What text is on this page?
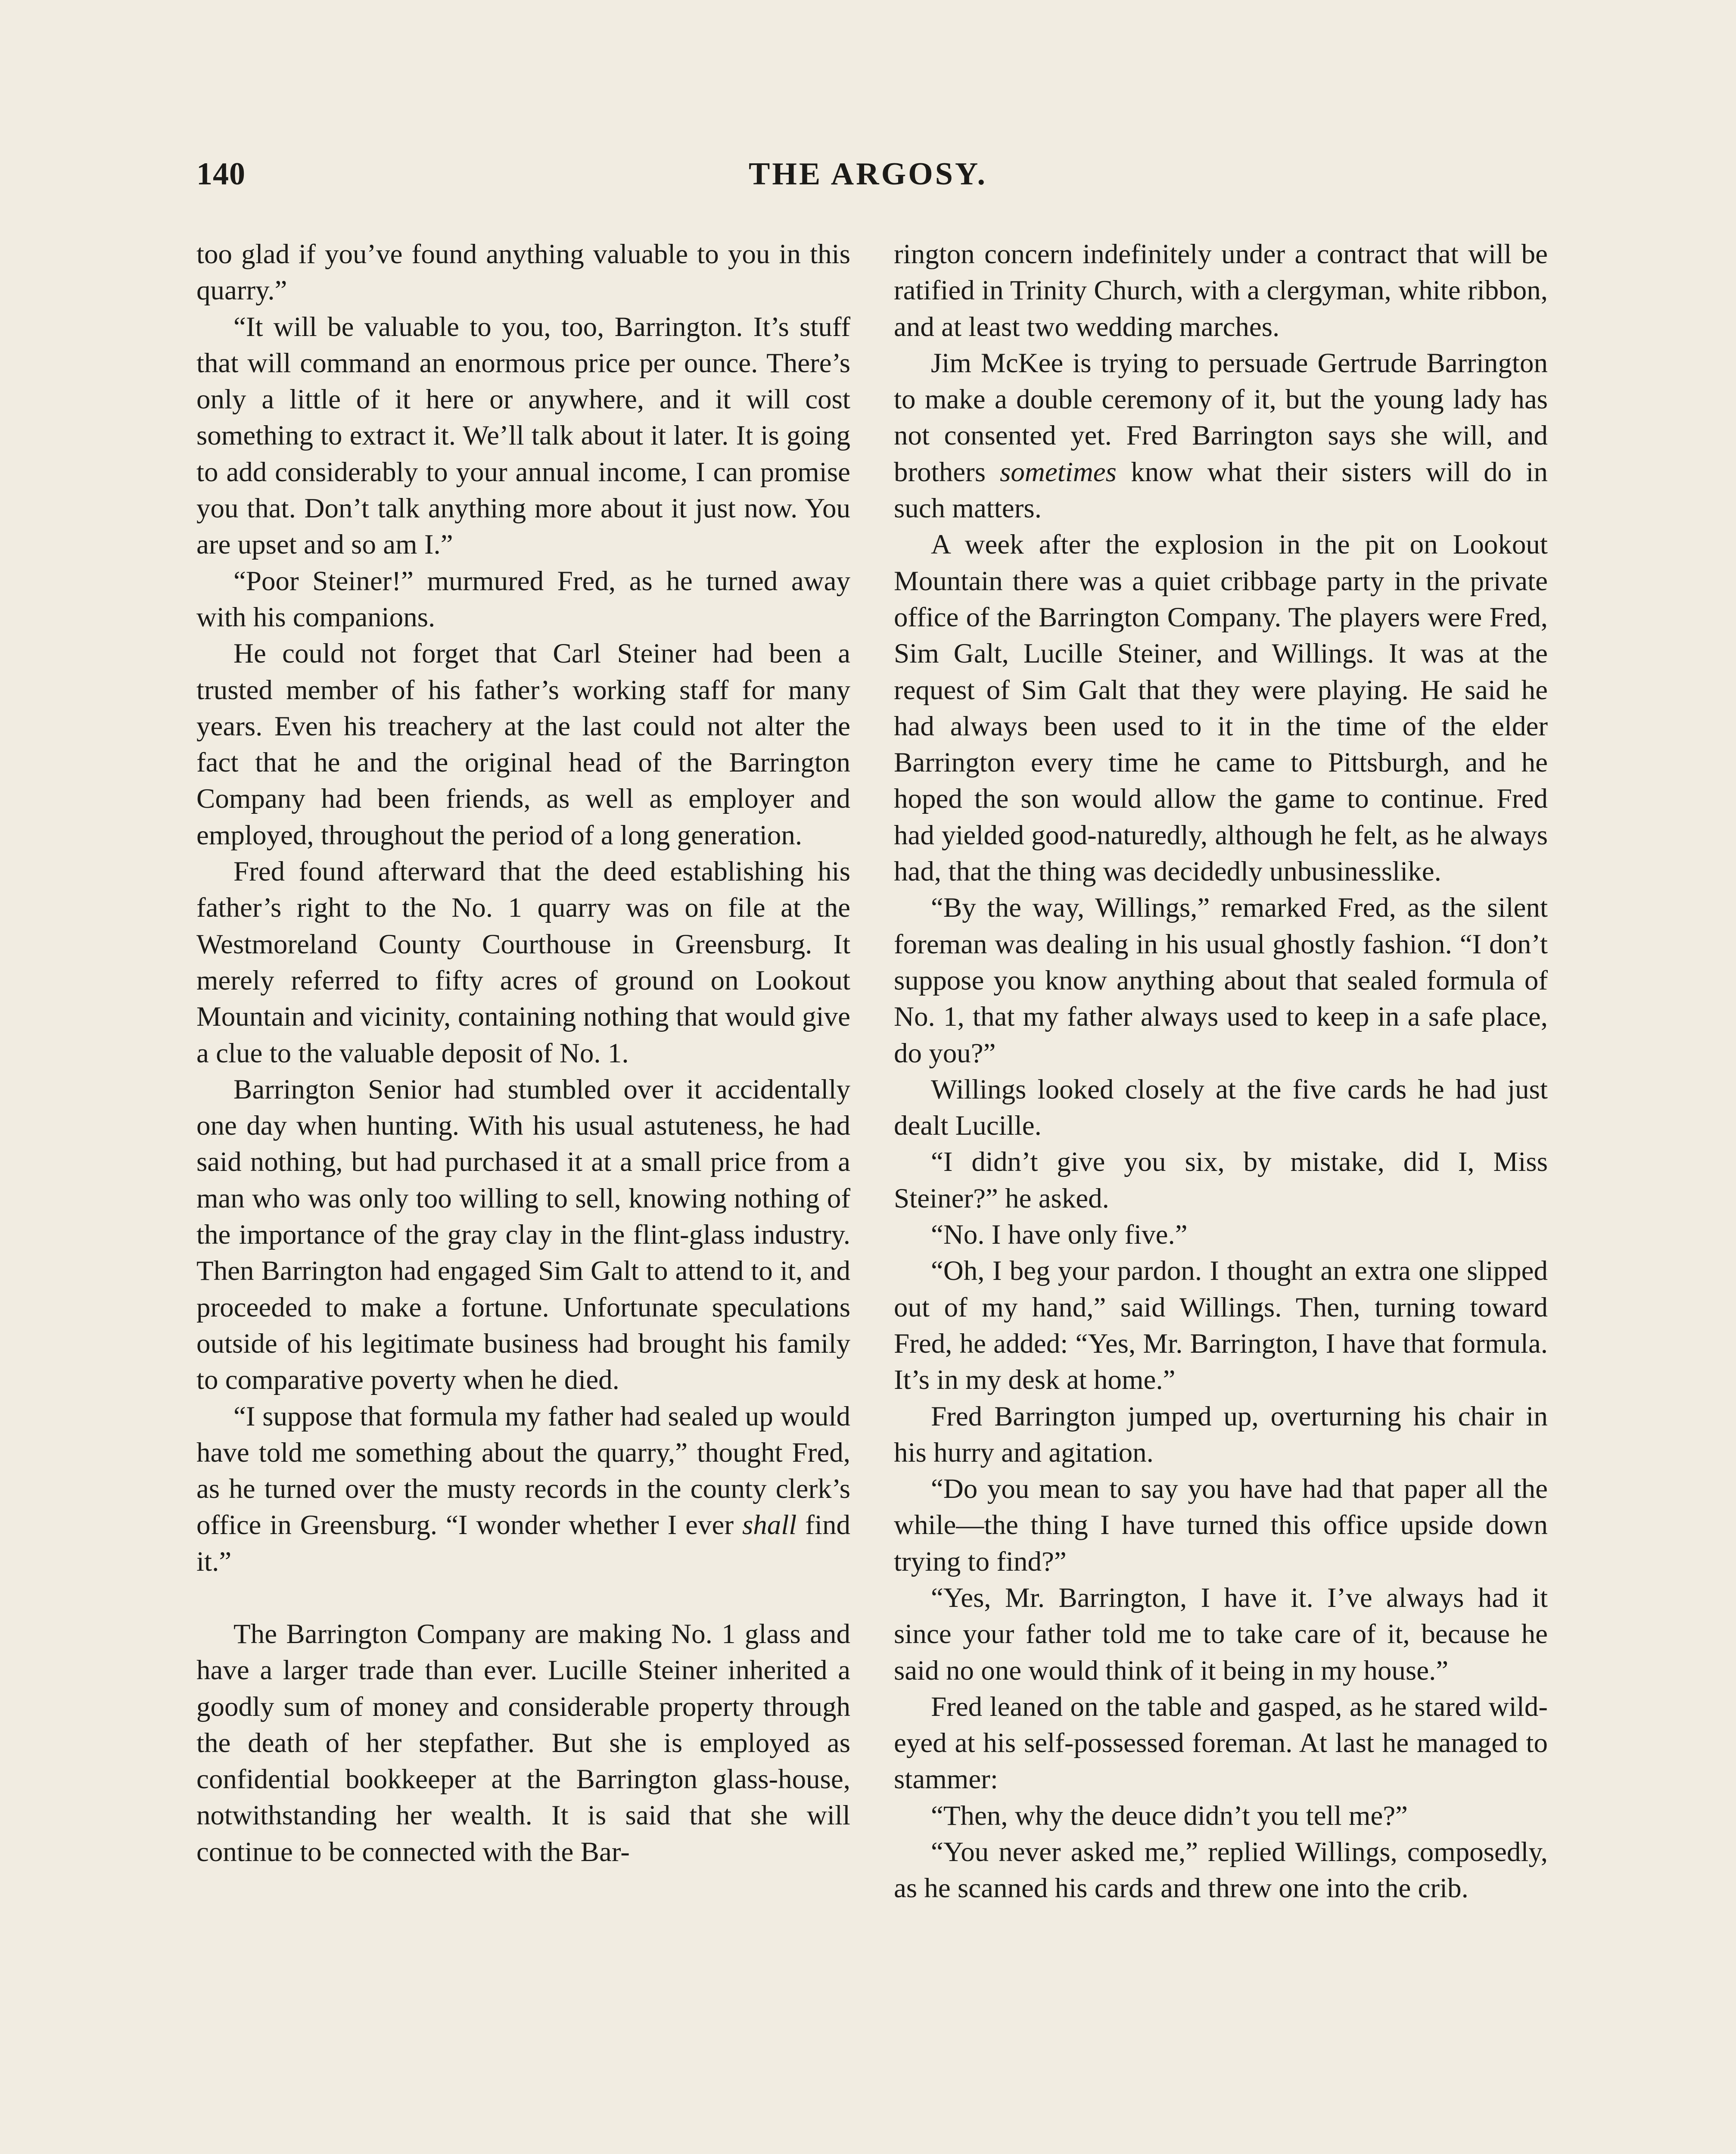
140	THE ARGOSY.

too glad if you’ve found anything valuable to you in this quarry.”

“It will be valuable to you, too, Barrington. It’s stuff that will command an enormous price per ounce. There’s only a little of it here or anywhere, and it will cost something to extract it. We’ll talk about it later. It is going to add considerably to your annual income, I can promise you that. Don’t talk anything more about it just now. You are upset and so am I.”

“Poor Steiner!” murmured Fred, as he turned away with his companions.

He could not forget that Carl Steiner had been a trusted member of his father’s working staff for many years. Even his treachery at the last could not alter the fact that he and the original head of the Barrington Company had been friends, as well as employer and employed, throughout the period of a long generation.

Fred found afterward that the deed establishing his father’s right to the No. 1 quarry was on file at the Westmoreland County Courthouse in Greensburg. It merely referred to fifty acres of ground on Lookout Mountain and vicinity, containing nothing that would give a clue to the valuable deposit of No. 1.

Barrington Senior had stumbled over it accidentally one day when hunting. With his usual astuteness, he had said nothing, but had purchased it at a small price from a man who was only too willing to sell, knowing nothing of the importance of the gray clay in the flint-glass industry. Then Barrington had engaged Sim Galt to attend to it, and proceeded to make a fortune. Unfortunate speculations outside of his legitimate business had brought his family to comparative poverty when he died.

“I suppose that formula my father had sealed up would have told me something about the quarry,” thought Fred, as he turned over the musty records in the county clerk’s office in Greensburg. “I wonder whether I ever shall find it.”

The Barrington Company are making No. 1 glass and have a larger trade than ever. Lucille Steiner inherited a goodly sum of money and considerable property through the death of her stepfather. But she is employed as confidential bookkeeper at the Barrington glass-house, notwithstanding her wealth. It is said that she will continue to be connected with the Bar-

rington concern indefinitely under a contract that will be ratified in Trinity Church, with a clergyman, white ribbon, and at least two wedding marches.

Jim McKee is trying to persuade Gertrude Barrington to make a double ceremony of it, but the young lady has not consented yet. Fred Barrington says she will, and brothers sometimes know what their sisters will do in such matters.

A week after the explosion in the pit on Lookout Mountain there was a quiet cribbage party in the private office of the Barrington Company. The players were Fred, Sim Galt, Lucille Steiner, and Willings. It was at the request of Sim Galt that they were playing. He said he had always been used to it in the time of the elder Barrington every time he came to Pittsburgh, and he hoped the son would allow the game to continue. Fred had yielded good-naturedly, although he felt, as he always had, that the thing was decidedly unbusinesslike.

“By the way, Willings,” remarked Fred, as the silent foreman was dealing in his usual ghostly fashion. “I don’t suppose you know anything about that sealed formula of No. 1, that my father always used to keep in a safe place, do you?”

Willings looked closely at the five cards he had just dealt Lucille.

“I didn’t give you six, by mistake, did I, Miss Steiner?” he asked.

“No. I have only five.”

“Oh, I beg your pardon. I thought an extra one slipped out of my hand,” said Willings. Then, turning toward Fred, he added: “Yes, Mr. Barrington, I have that formula. It’s in my desk at home.”

Fred Barrington jumped up, overturning his chair in his hurry and agitation.

“Do you mean to say you have had that paper all the while—the thing I have turned this office upside down trying to find?”

“Yes, Mr. Barrington, I have it. I’ve always had it since your father told me to take care of it, because he said no one would think of it being in my house.”

Fred leaned on the table and gasped, as he stared wild-eyed at his self-possessed foreman. At last he managed to stammer:

“Then, why the deuce didn’t you tell me?”

“You never asked me,” replied Willings, composedly, as he scanned his cards and threw one into the crib.
